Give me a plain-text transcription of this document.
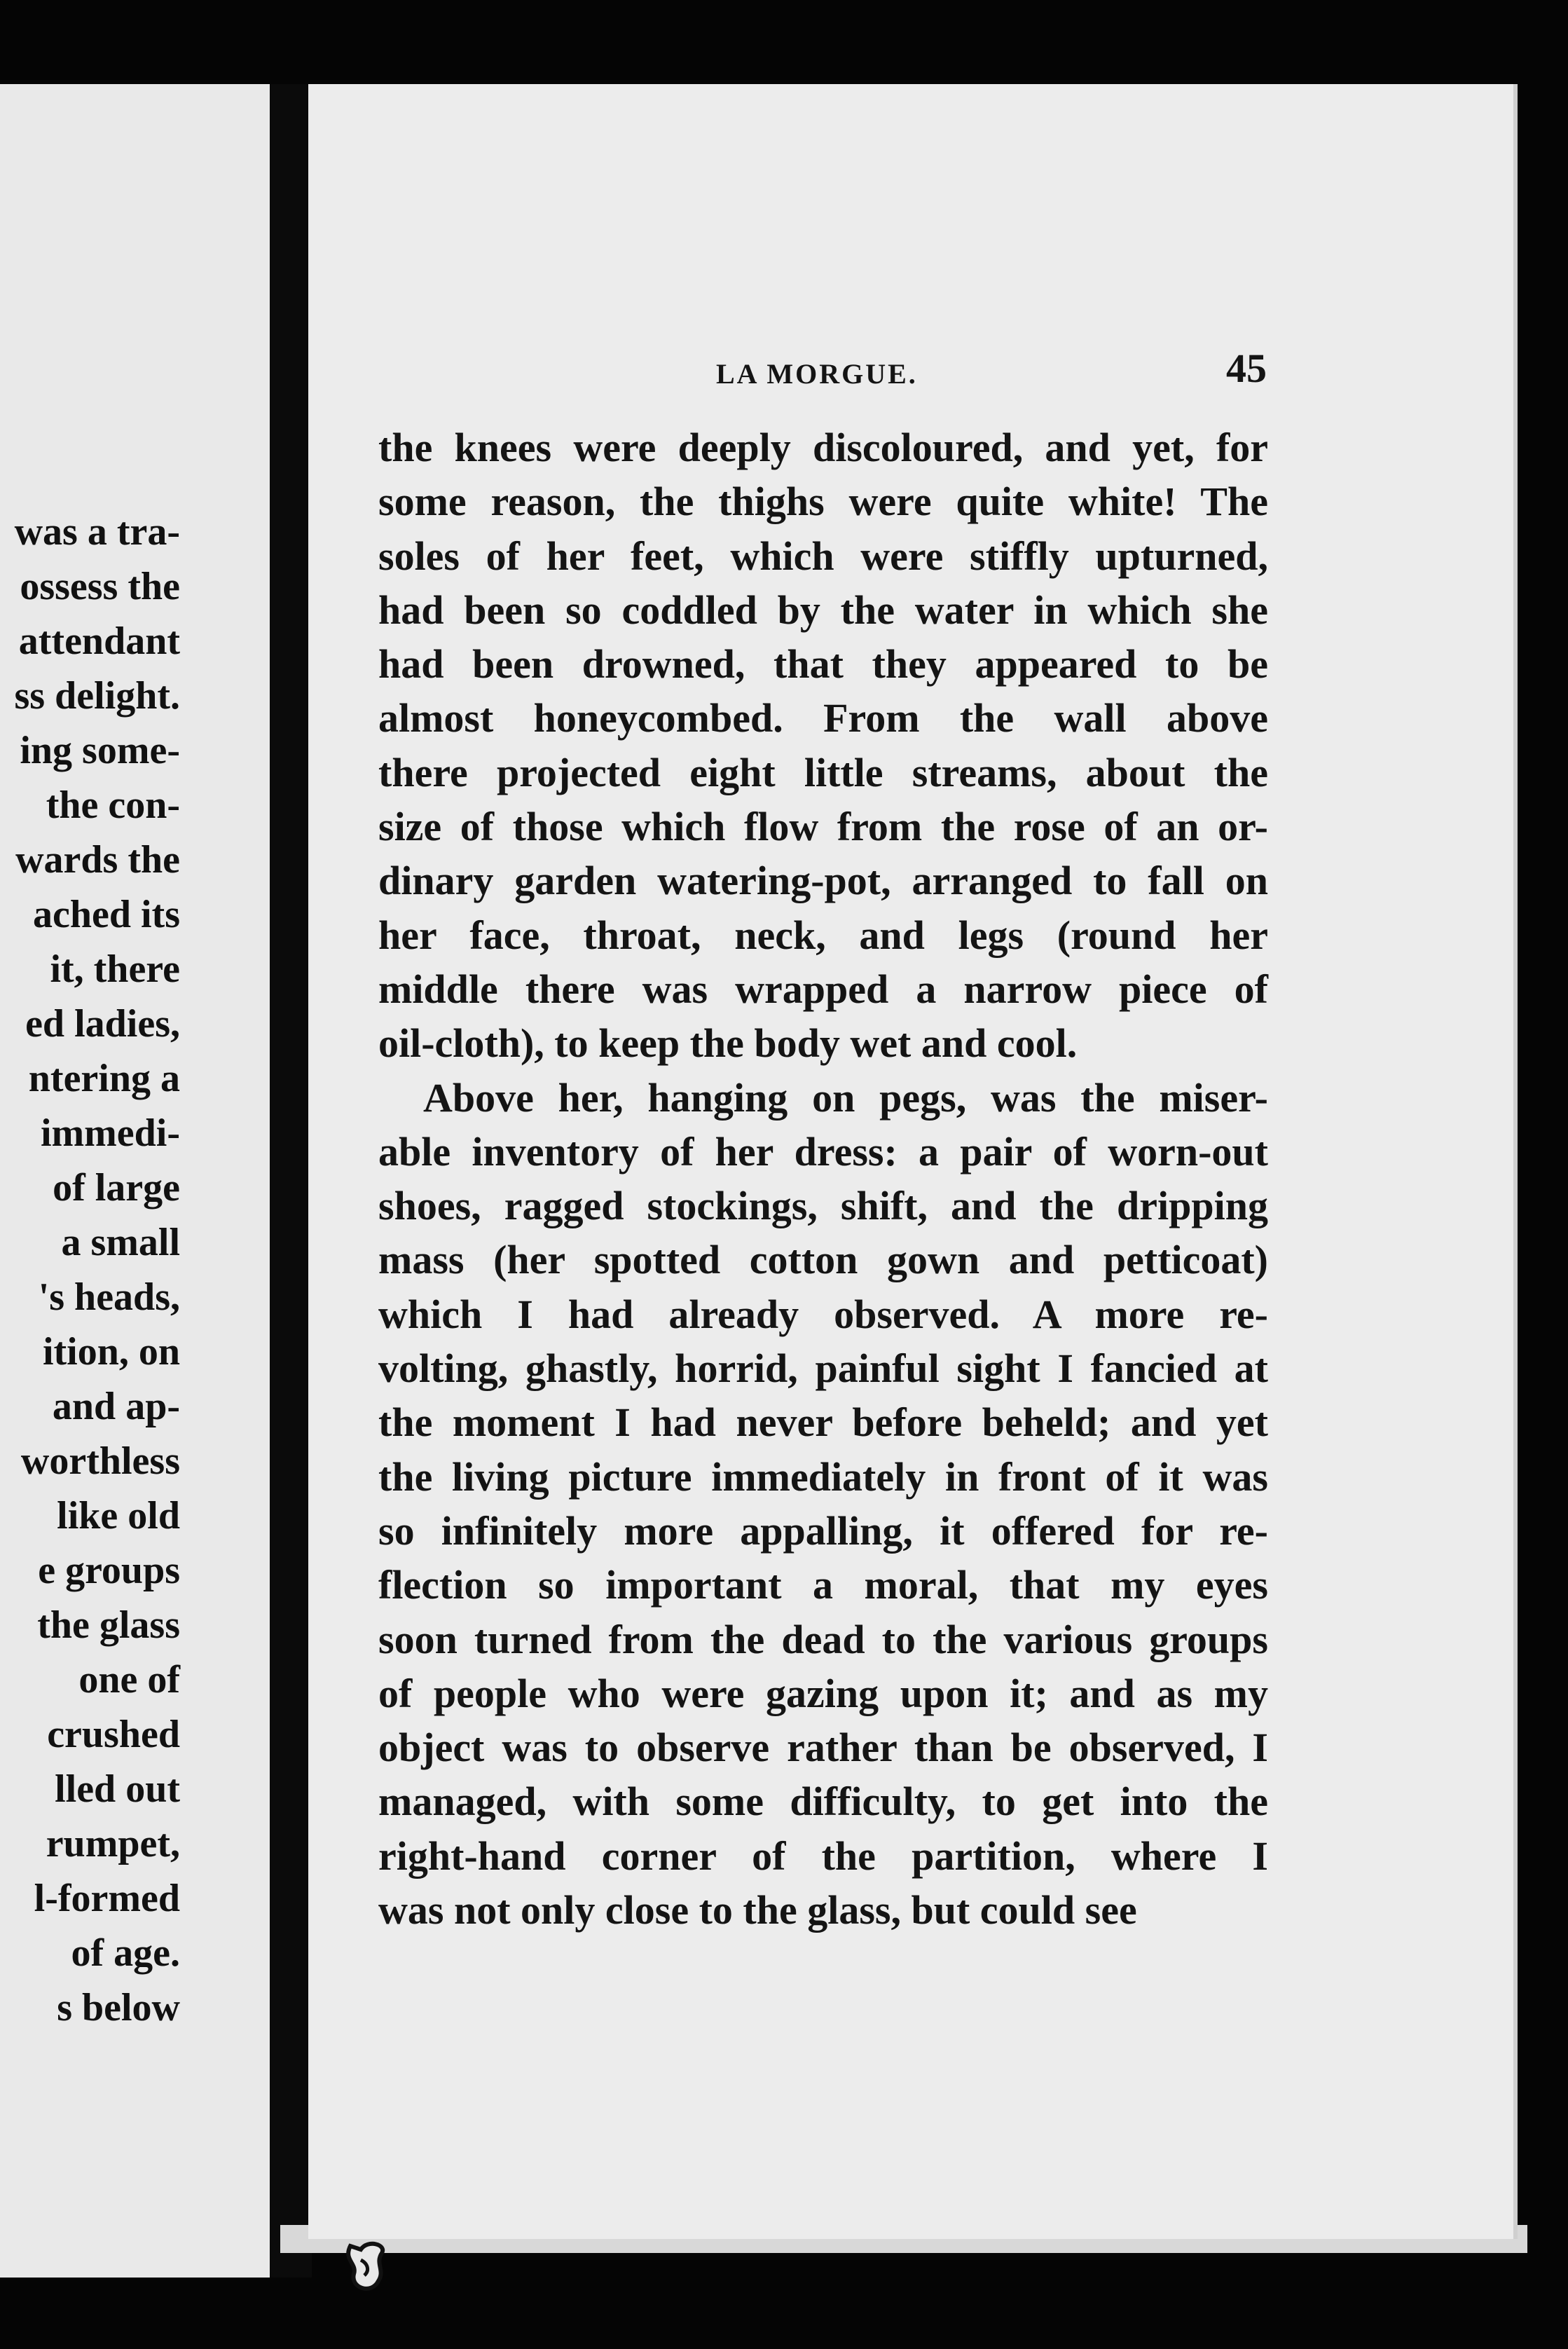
was a tra-
ossess the
attendant
ss delight.
ing some-
the con-
wards the
ached its
it, there
ed ladies,
ntering a
immedi-
of large
a small
's heads,
ition, on
and ap-
worthless
like old
e groups
the glass
one of
crushed
lled out
rumpet,
l-formed
of age.
s below
LA MORGUE.	45
the knees were deeply discoloured, and yet, for
some reason, the thighs were quite white! The
soles of her feet, which were stiffly upturned,
had been so coddled by the water in which she
had been drowned, that they appeared to be
almost honeycombed. From the wall above
there projected eight little streams, about the
size of those which flow from the rose of an or-
dinary garden watering-pot, arranged to fall on
her face, throat, neck, and legs (round her
middle there was wrapped a narrow piece of
oil-cloth), to keep the body wet and cool.
Above her, hanging on pegs, was the miser-
able inventory of her dress: a pair of worn-out
shoes, ragged stockings, shift, and the dripping
mass (her spotted cotton gown and petticoat)
which I had already observed. A more re-
volting, ghastly, horrid, painful sight I fancied at
the moment I had never before beheld; and yet
the living picture immediately in front of it was
so infinitely more appalling, it offered for re-
flection so important a moral, that my eyes
soon turned from the dead to the various groups
of people who were gazing upon it; and as my
object was to observe rather than be observed, I
managed, with some difficulty, to get into the
right-hand corner of the partition, where I
was not only close to the glass, but could see
